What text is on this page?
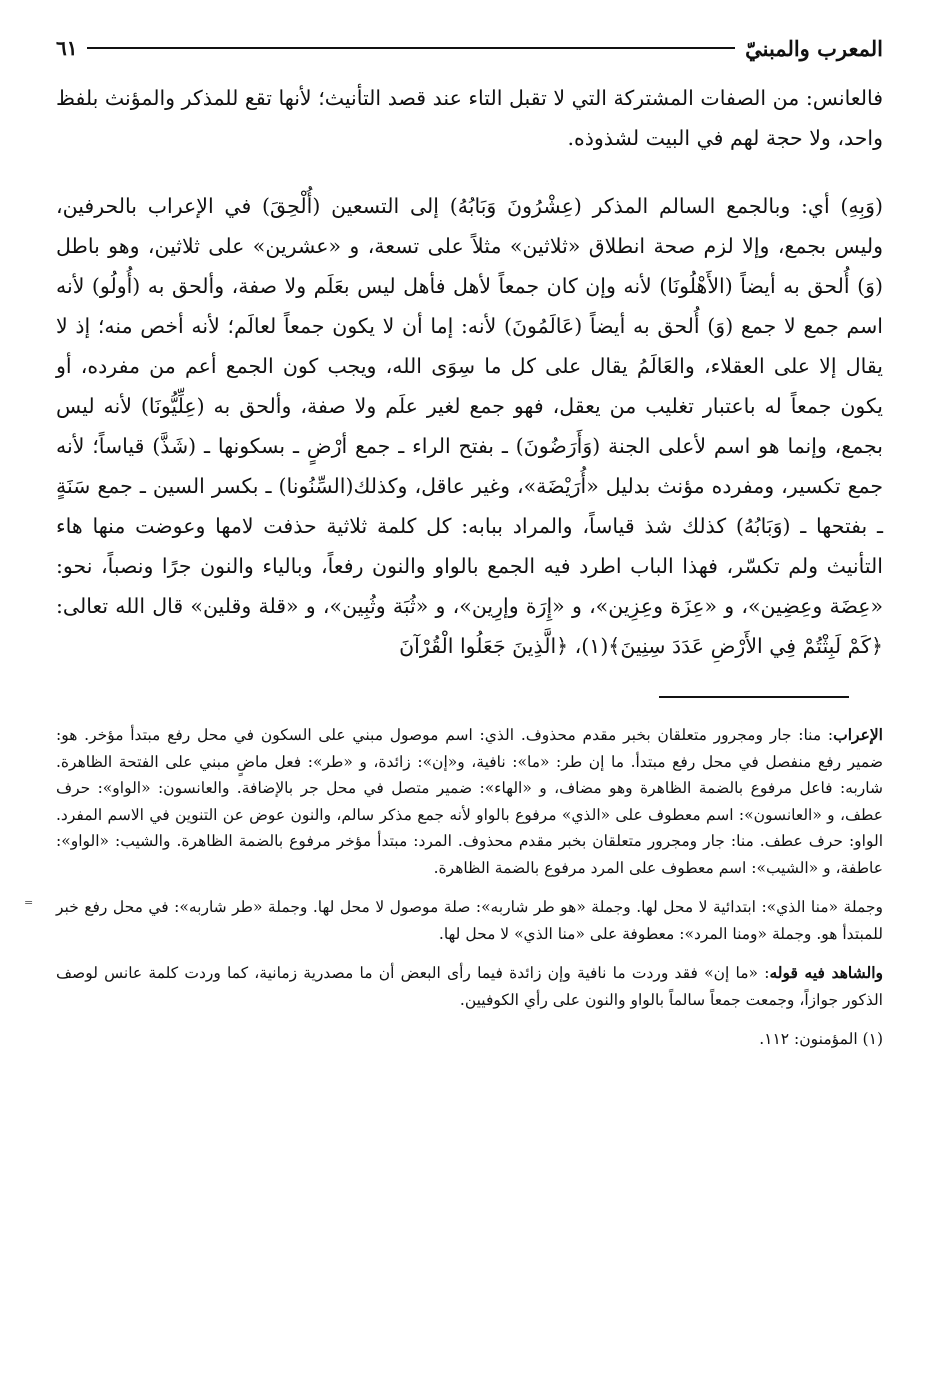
المعرب والمبنيّ
٦١

فالعانس: من الصفات المشتركة التي لا تقبل التاء عند قصد التأنيث؛ لأنها تقع للمذكر والمؤنث بلفظ واحد، ولا حجة لهم في البيت لشذوذه.

(وَبِهِ) أي: وبالجمع السالم المذكر (عِشْرُونَ وَبَابُهُ) إلى التسعين (أُلْحِقَ) في الإعراب بالحرفين، وليس بجمع، وإلا لزم صحة انطلاق «ثلاثين» مثلاً على تسعة، و «عشرين» على ثلاثين، وهو باطل (وَ) أُلحق به أيضاً (الأَهْلُونَا) لأنه وإن كان جمعاً لأهل فأهل ليس بعَلَم ولا صفة، وألحق به (أُولُو) لأنه اسم جمع لا جمع (وَ) أُلحق به أيضاً (عَالَمُونَ) لأنه: إما أن لا يكون جمعاً لعالَم؛ لأنه أخص منه؛ إذ لا يقال إلا على العقلاء، والعَالَمُ يقال على كل ما سِوَى الله، ويجب كون الجمع أعم من مفرده، أو يكون جمعاً له باعتبار تغليب من يعقل، فهو جمع لغير علَم ولا صفة، وألحق به (عِلِّيُّونَا) لأنه ليس بجمع، وإنما هو اسم لأعلى الجنة (وَأَرَضُونَ) ـ بفتح الراء ـ جمع أرْضٍ ـ بسكونها ـ (شَذَّ) قياساً؛ لأنه جمع تكسير، ومفرده مؤنث بدليل «أُرَيْضَة»، وغير عاقل، وكذلك(السِّنُونا) ـ بكسر السين ـ جمع سَنَةٍ ـ بفتحها ـ (وَبَابُهُ) كذلك شذ قياساً، والمراد ببابه: كل كلمة ثلاثية حذفت لامها وعوضت منها هاء التأنيث ولم تكسّر، فهذا الباب اطرد فيه الجمع بالواو والنون رفعاً، وبالياء والنون جرًا ونصباً، نحو: «عِضَة وعِضِين»، و «عِزَة وعِزِين»، و «إِرَة وإرِين»، و «ثُبَة وثُبِين»، و «قلة وقلين» قال الله تعالى: ﴿كَمْ لَبِثْتُمْ فِي الأَرْضِ عَدَدَ سِنِينَ﴾(١)، ﴿الَّذِينَ جَعَلُوا الْقُرْآنَ

الإعراب: منا: جار ومجرور متعلقان بخبر مقدم محذوف. الذي: اسم موصول مبني على السكون في محل رفع مبتدأ مؤخر. هو: ضمير رفع منفصل في محل رفع مبتدأ. ما إن طر: «ما»: نافية، و«إن»: زائدة، و «طر»: فعل ماضٍ مبني على الفتحة الظاهرة. شاربه: فاعل مرفوع بالضمة الظاهرة وهو مضاف، و «الهاء»: ضمير متصل في محل جر بالإضافة. والعانسون: «الواو»: حرف عطف، و «العانسون»: اسم معطوف على «الذي» مرفوع بالواو لأنه جمع مذكر سالم، والنون عوض عن التنوين في الاسم المفرد. الواو: حرف عطف. منا: جار ومجرور متعلقان بخبر مقدم محذوف. المرد: مبتدأ مؤخر مرفوع بالضمة الظاهرة. والشيب: «الواو»: عاطفة، و «الشيب»: اسم معطوف على المرد مرفوع بالضمة الظاهرة.

وجملة «منا الذي»: ابتدائية لا محل لها. وجملة «هو طر شاربه»: صلة موصول لا محل لها. وجملة «طر شاربه»: في محل رفع خبر للمبتدأ هو. وجملة «ومنا المرد»: معطوفة على «منا الذي» لا محل لها.

والشاهد فيه قوله: «ما إن» فقد وردت ما نافية وإن زائدة فيما رأى البعض أن ما مصدرية زمانية، كما وردت كلمة عانس لوصف الذكور جوازاً، وجمعت جمعاً سالماً بالواو والنون على رأي الكوفيين.

(١) المؤمنون: ١١٢.

=
